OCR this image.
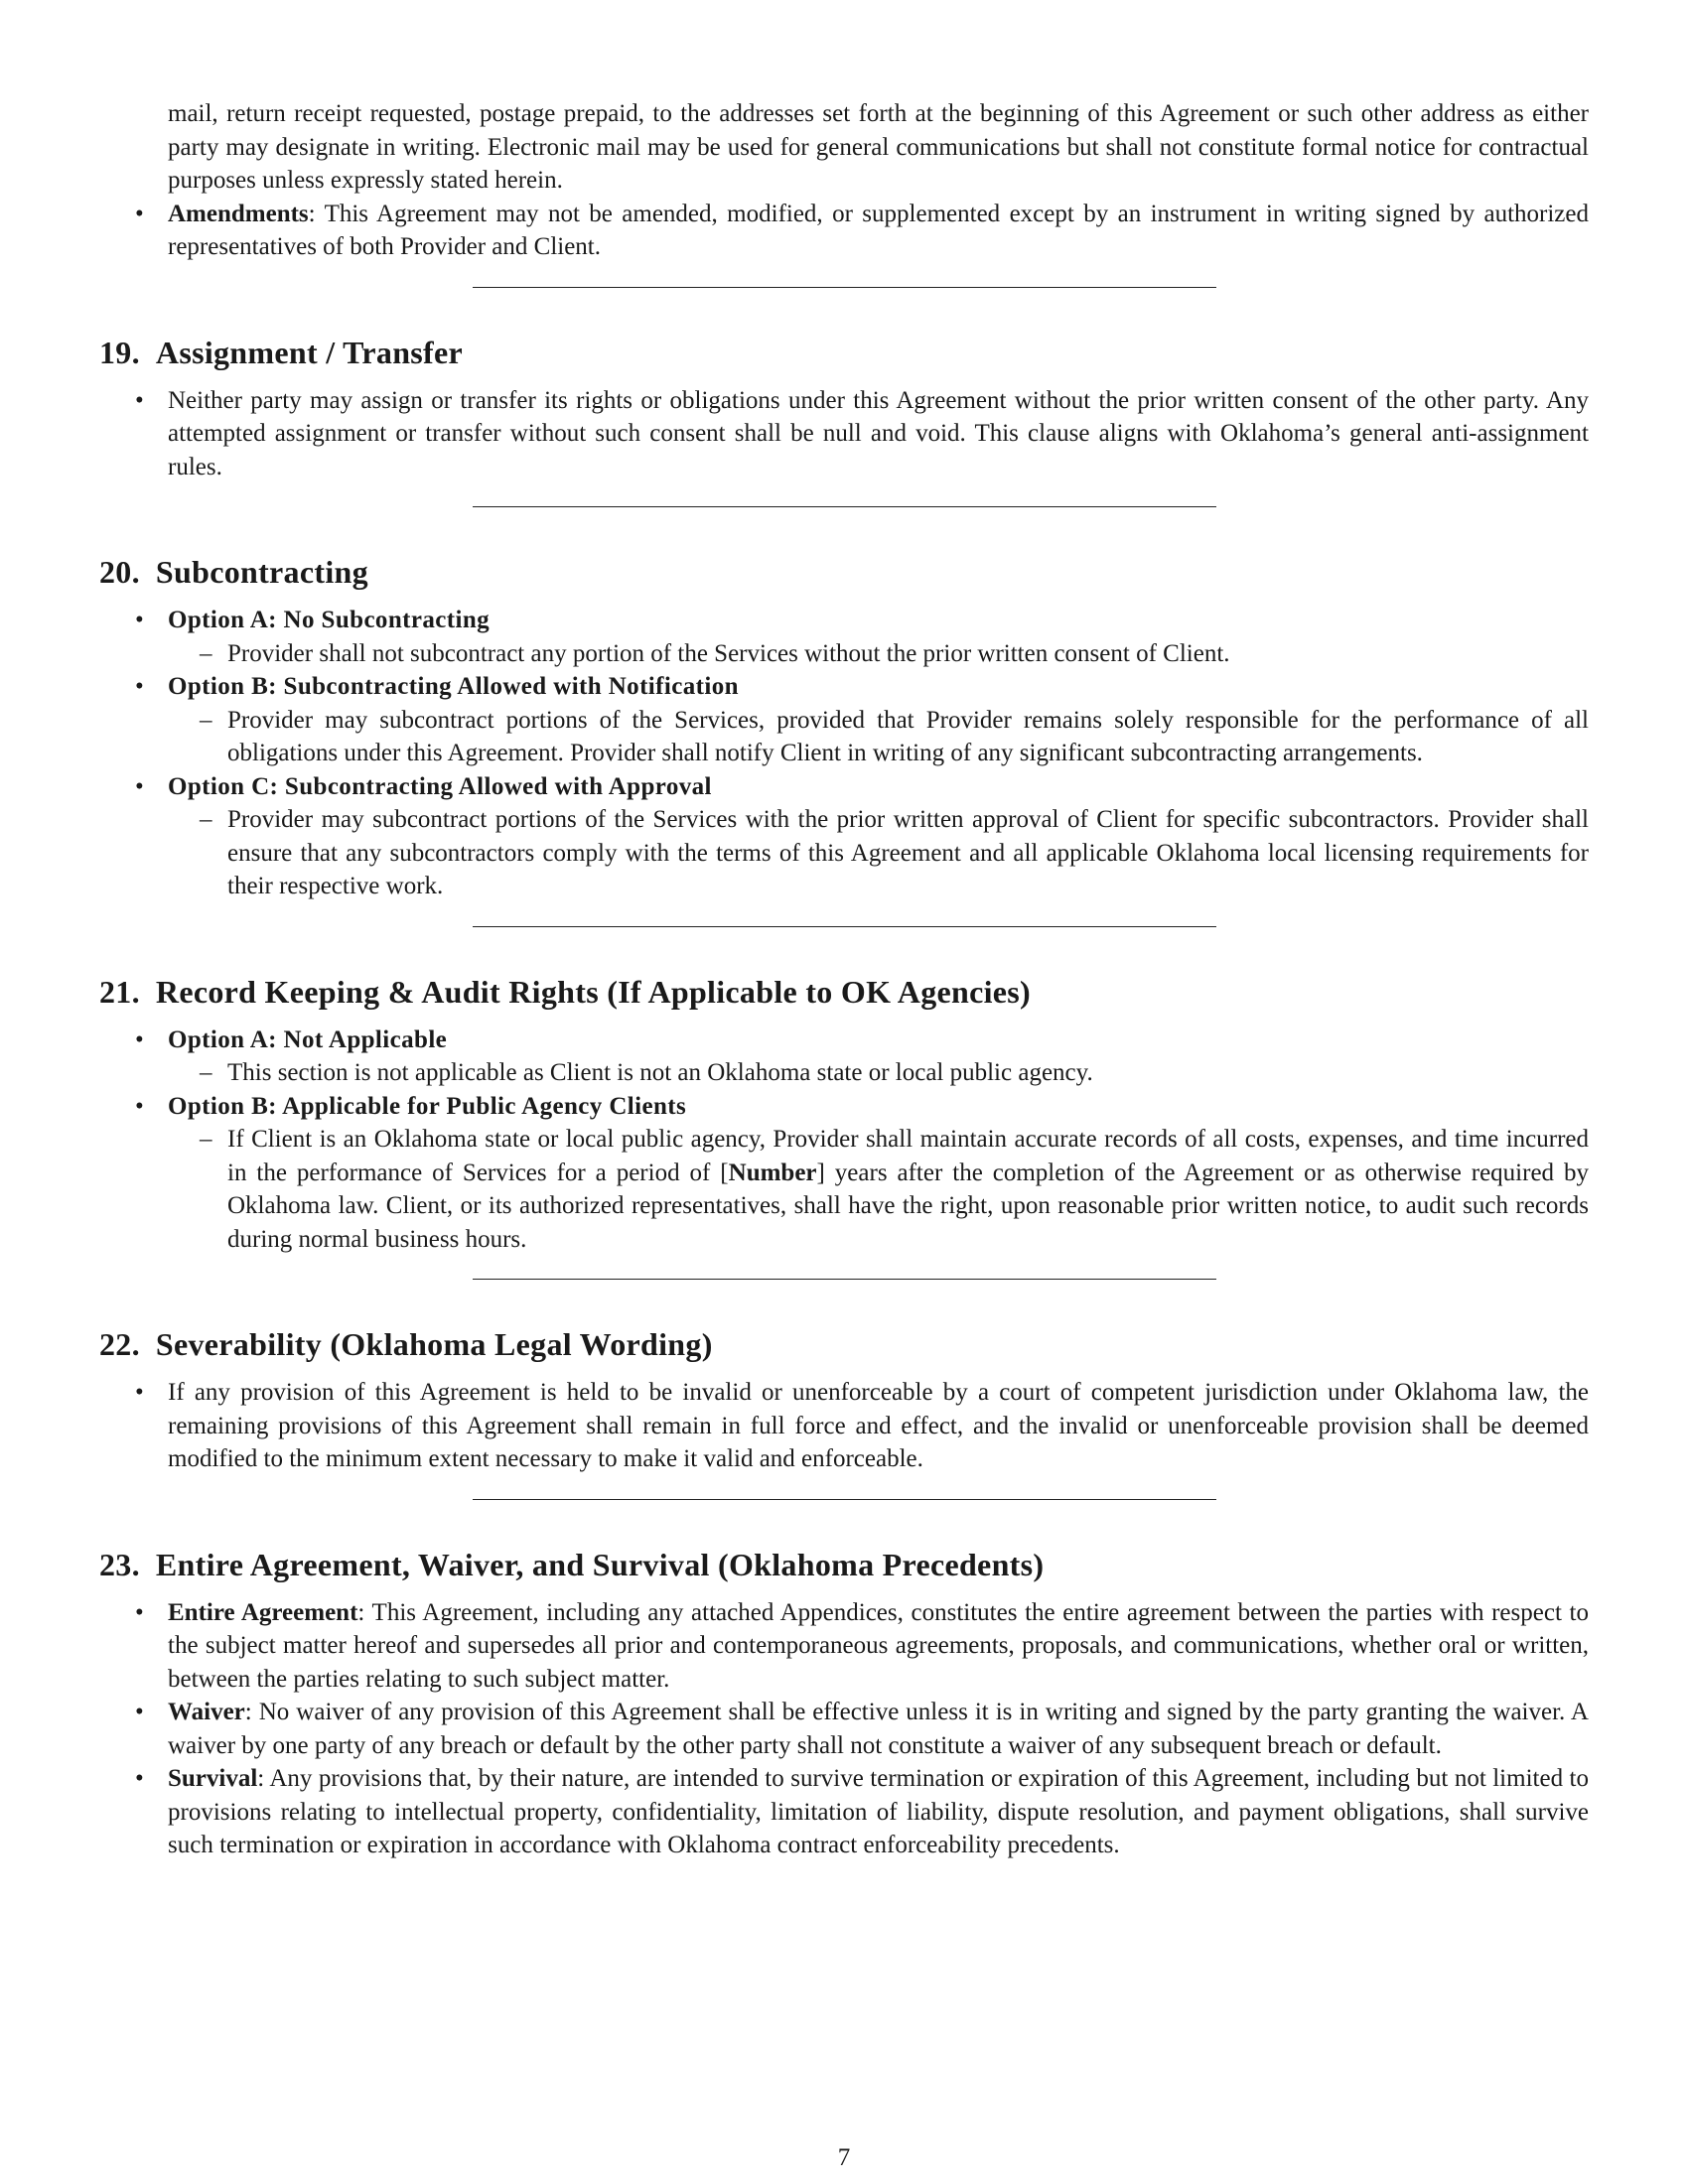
mail, return receipt requested, postage prepaid, to the addresses set forth at the beginning of this Agreement or such other address as either party may designate in writing. Electronic mail may be used for general communications but shall not constitute formal notice for contractual purposes unless expressly stated herein.
• Amendments: This Agreement may not be amended, modified, or supplemented except by an instrument in writing signed by authorized representatives of both Provider and Client.
19. Assignment / Transfer
• Neither party may assign or transfer its rights or obligations under this Agreement without the prior written consent of the other party. Any attempted assignment or transfer without such consent shall be null and void. This clause aligns with Oklahoma’s general anti-assignment rules.
20. Subcontracting
• Option A: No Subcontracting
– Provider shall not subcontract any portion of the Services without the prior written consent of Client.
• Option B: Subcontracting Allowed with Notification
– Provider may subcontract portions of the Services, provided that Provider remains solely responsible for the performance of all obligations under this Agreement. Provider shall notify Client in writing of any significant subcontracting arrangements.
• Option C: Subcontracting Allowed with Approval
– Provider may subcontract portions of the Services with the prior written approval of Client for specific subcontractors. Provider shall ensure that any subcontractors comply with the terms of this Agreement and all applicable Oklahoma local licensing requirements for their respective work.
21. Record Keeping & Audit Rights (If Applicable to OK Agencies)
• Option A: Not Applicable
– This section is not applicable as Client is not an Oklahoma state or local public agency.
• Option B: Applicable for Public Agency Clients
– If Client is an Oklahoma state or local public agency, Provider shall maintain accurate records of all costs, expenses, and time incurred in the performance of Services for a period of [Number] years after the completion of the Agreement or as otherwise required by Oklahoma law. Client, or its authorized representatives, shall have the right, upon reasonable prior written notice, to audit such records during normal business hours.
22. Severability (Oklahoma Legal Wording)
• If any provision of this Agreement is held to be invalid or unenforceable by a court of competent jurisdiction under Oklahoma law, the remaining provisions of this Agreement shall remain in full force and effect, and the invalid or unenforceable provision shall be deemed modified to the minimum extent necessary to make it valid and enforceable.
23. Entire Agreement, Waiver, and Survival (Oklahoma Precedents)
• Entire Agreement: This Agreement, including any attached Appendices, constitutes the entire agreement between the parties with respect to the subject matter hereof and supersedes all prior and contemporaneous agreements, proposals, and communications, whether oral or written, between the parties relating to such subject matter.
• Waiver: No waiver of any provision of this Agreement shall be effective unless it is in writing and signed by the party granting the waiver. A waiver by one party of any breach or default by the other party shall not constitute a waiver of any subsequent breach or default.
• Survival: Any provisions that, by their nature, are intended to survive termination or expiration of this Agreement, including but not limited to provisions relating to intellectual property, confidentiality, limitation of liability, dispute resolution, and payment obligations, shall survive such termination or expiration in accordance with Oklahoma contract enforceability precedents.
7
